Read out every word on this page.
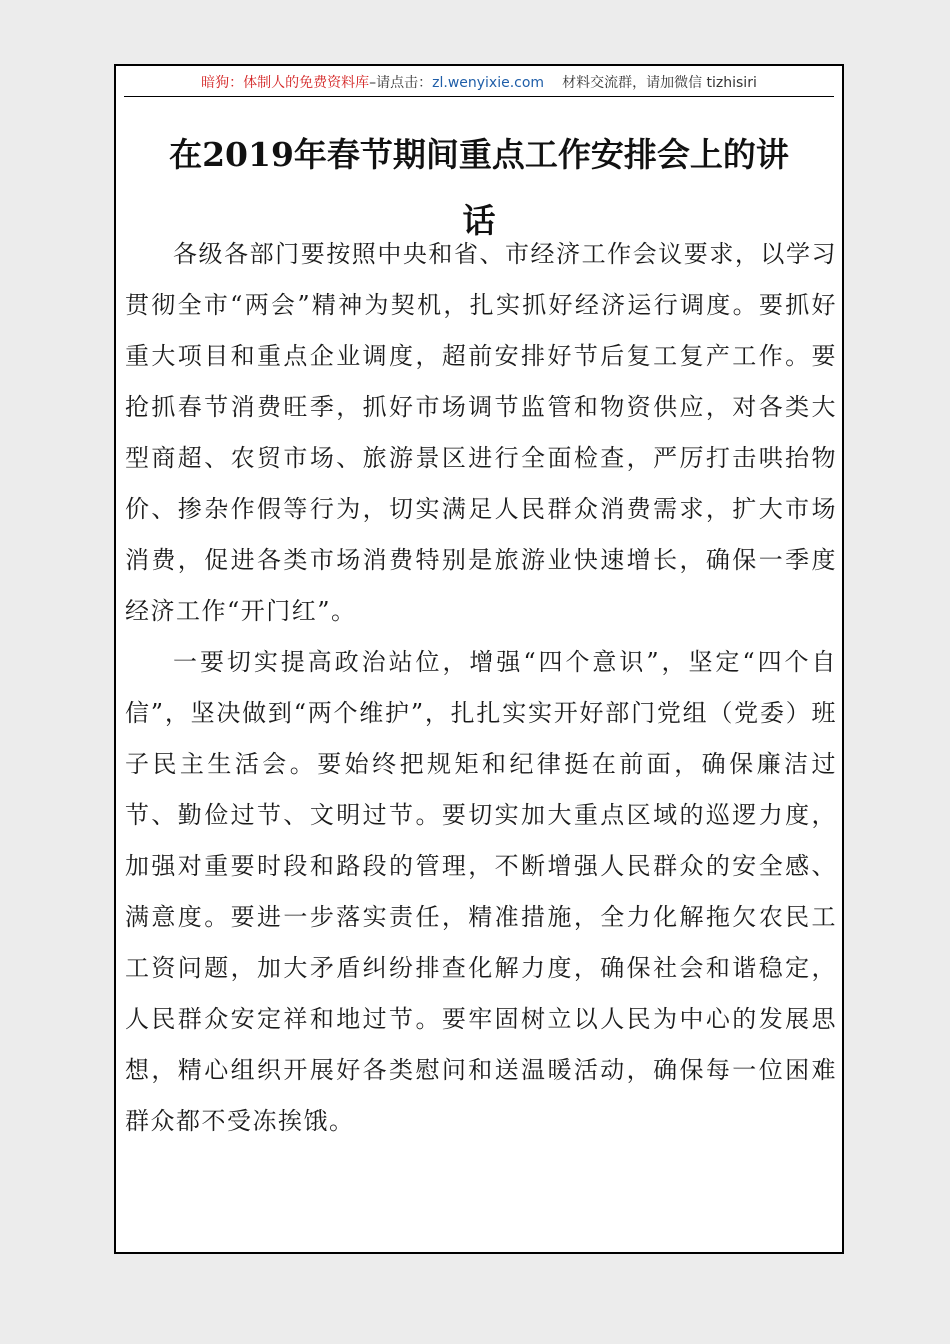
暗狗：体制人的免费资料库–请点击：zl.wenyixie.com 材料交流群，请加微信 tizhisiri
在2019年春节期间重点工作安排会上的讲话

各级各部门要按照中央和省、市经济工作会议要求，以学习贯彻全市“两会”精神为契机，扎实抓好经济运行调度。要抓好重大项目和重点企业调度，超前安排好节后复工复产工作。要抢抓春节消费旺季，抓好市场调节监管和物资供应，对各类大型商超、农贸市场、旅游景区进行全面检查，严厉打击哄抬物价、掺杂作假等行为，切实满足人民群众消费需求，扩大市场消费，促进各类市场消费特别是旅游业快速增长，确保一季度经济工作“开门红”。

一要切实提高政治站位，增强“四个意识”，坚定“四个自信”，坚决做到“两个维护”，扎扎实实开好部门党组（党委）班子民主生活会。要始终把规矩和纪律挺在前面，确保廉洁过节、勤俭过节、文明过节。要切实加大重点区域的巡逻力度，加强对重要时段和路段的管理，不断增强人民群众的安全感、满意度。要进一步落实责任，精准措施，全力化解拖欠农民工工资问题，加大矛盾纠纷排查化解力度，确保社会和谐稳定，人民群众安定祥和地过节。要牢固树立以人民为中心的发展思想，精心组织开展好各类慰问和送温暖活动，确保每一位困难群众都不受冻挨饿。
